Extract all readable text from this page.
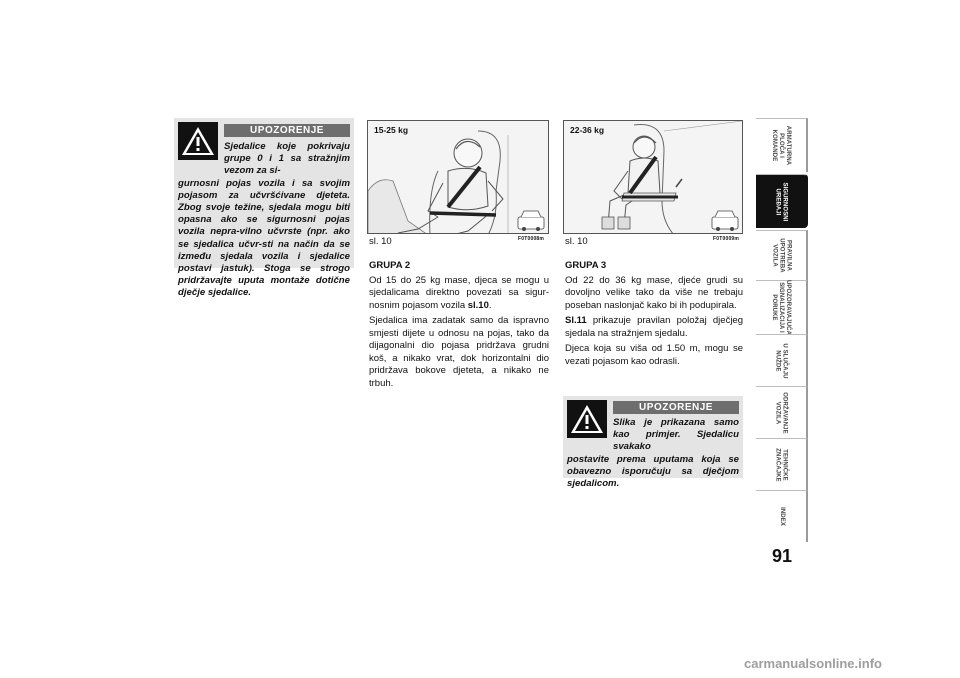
UPOZORENJE
Sjedalice koje pokrivaju grupe 0 i 1 sa stražnjim vezom za si-
gurnosni pojas vozila i sa svojim pojasom za učvršćivane djeteta. Zbog svoje težine, sjedala mogu biti opasna ako se sigurnosni pojas vozila nepra-vilno učvrste (npr. ako se sjedalica učvr-sti na način da se između sjedala vozila i sjedalice postavi jastuk). Stoga se strogo pridržavajte uputa montaže dotične dječje sjedalice.
15-25 kg
sl. 10	F0T0008m
22-36 kg
sl. 10	F0T0009m

GRUPA 2

Od 15 do 25 kg mase, djeca se mogu u sjedalicama direktno povezati sa sigur-nosnim pojasom vozila sl.10.

Sjedalica ima zadatak samo da ispravno smjesti dijete u odnosu na pojas, tako da dijagonalni dio pojasa pridržava grudni koš, a nikako vrat, dok horizontalni dio pridržava bokove djeteta, a nikako ne trbuh.

GRUPA 3

Od 22 do 36 kg mase, djeće grudi su dovoljno velike tako da više ne trebaju poseban naslonjač kako bi ih podupirala.

Sl.11 prikazuje pravilan položaj dječjeg sjedala na stražnjem sjedalu.

Djeca koja su viša od 1.50 m, mogu se vezati pojasom kao odrasli.

UPOZORENJE
Slika je prikazana samo kao primjer. Sjedalicu svakako
postavite prema uputama koja se obavezno isporučuju sa dječjom sjedalicom.
ARMATURNA
PLOČA I
KOMANDE
SIGURNOSNI
UREĐAJI
PRAVILNA
UPOTREBA
VOZILA
UPOZORAVAJUĆA
SIGNALIZACIJA I
PORUKE
U SLUČAJU
NUŽDE
ODRŽAVANJE
VOZILA
TEHNIČKE
ZNAČAJKE
INDEX
91
carmanualsonline.info
